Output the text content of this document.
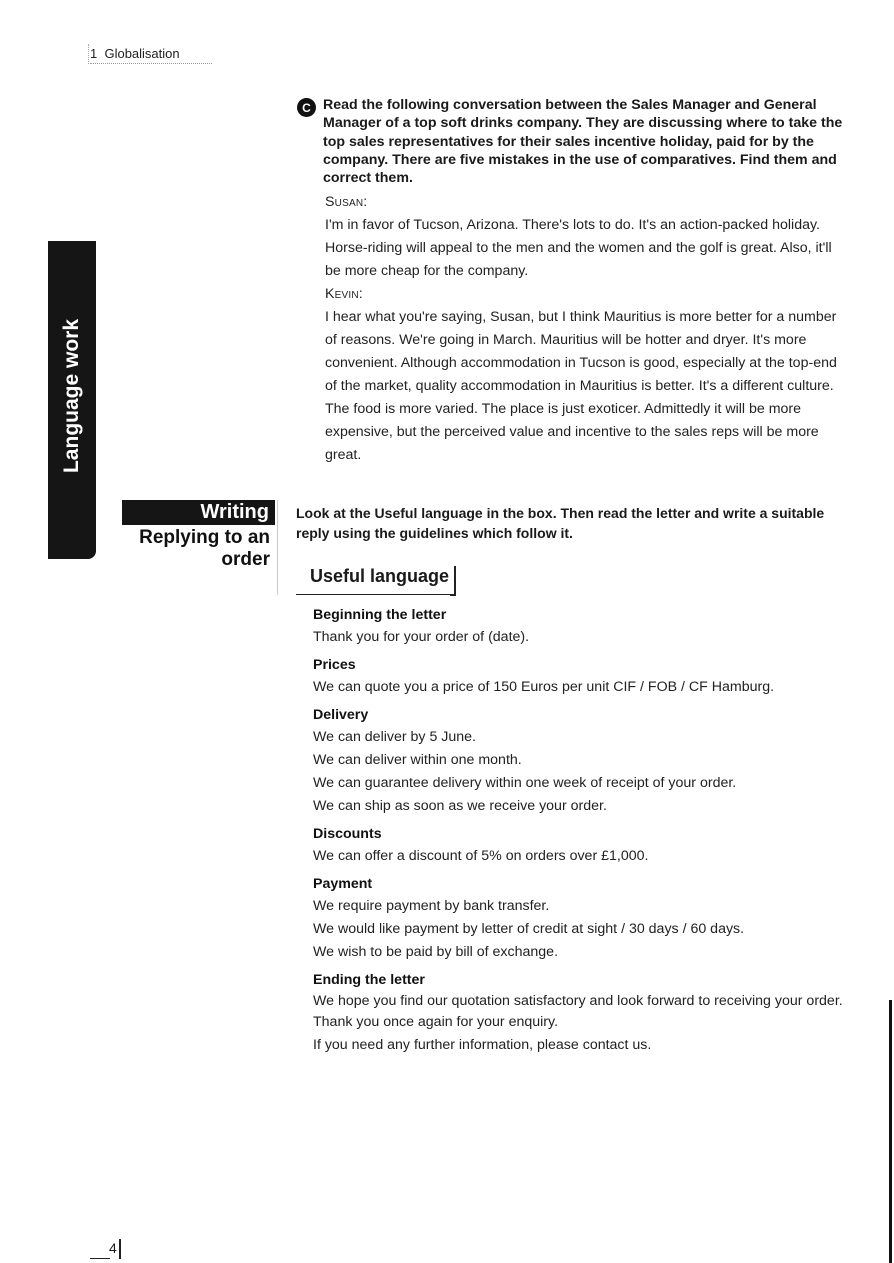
1 Globalisation
Language work
C Read the following conversation between the Sales Manager and General Manager of a top soft drinks company. They are discussing where to take the top sales representatives for their sales incentive holiday, paid for by the company. There are five mistakes in the use of comparatives. Find them and correct them.

Susan:

I'm in favor of Tucson, Arizona. There's lots to do. It's an action-packed holiday. Horse-riding will appeal to the men and the women and the golf is great. Also, it'll be more cheap for the company.

Kevin:

I hear what you're saying, Susan, but I think Mauritius is more better for a number of reasons. We're going in March. Mauritius will be hotter and dryer. It's more convenient. Although accommodation in Tucson is good, especially at the top-end of the market, quality accommodation in Mauritius is better. It's a different culture. The food is more varied. The place is just exoticer. Admittedly it will be more expensive, but the perceived value and incentive to the sales reps will be more great.

Writing
Replying to an
order
Look at the Useful language in the box. Then read the letter and write a suitable reply using the guidelines which follow it.
Useful language
Beginning the letter
Thank you for your order of (date).
Prices
We can quote you a price of 150 Euros per unit CIF / FOB / CF Hamburg.
Delivery
We can deliver by 5 June.
We can deliver within one month.
We can guarantee delivery within one week of receipt of your order.
We can ship as soon as we receive your order.
Discounts
We can offer a discount of 5% on orders over £1,000.
Payment
We require payment by bank transfer.
We would like payment by letter of credit at sight / 30 days / 60 days.
We wish to be paid by bill of exchange.
Ending the letter
We hope you find our quotation satisfactory and look forward to receiving your order.
Thank you once again for your enquiry.
If you need any further information, please contact us.
4
